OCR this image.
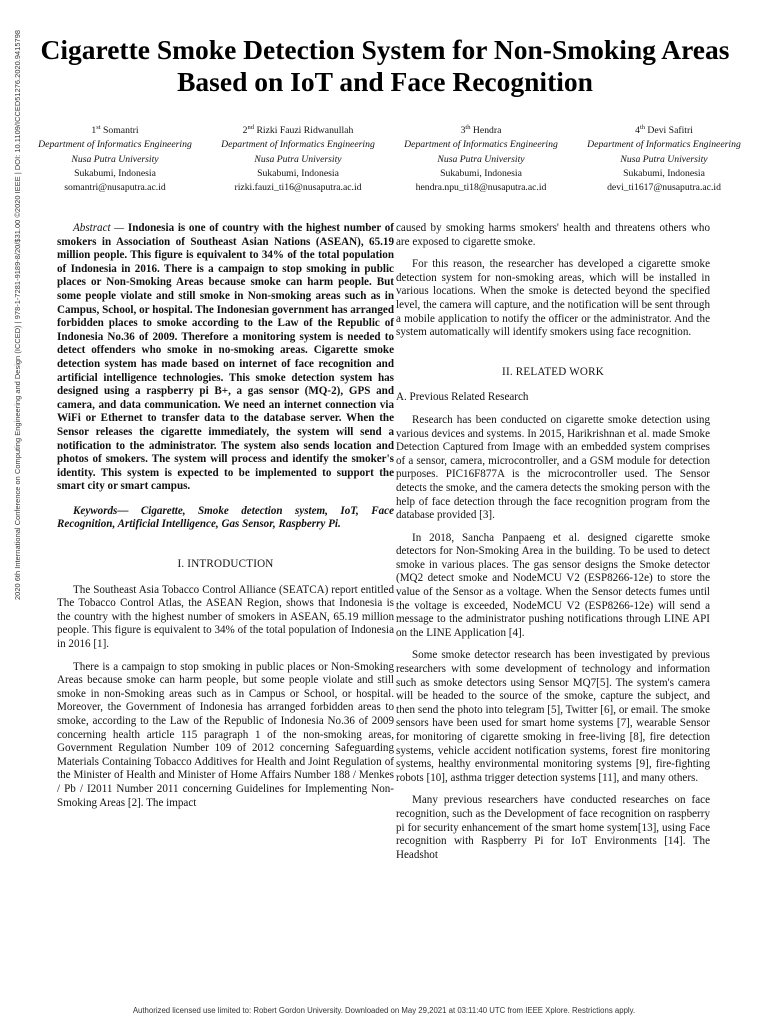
2020 6th International Conference on Computing Engineering and Design (ICCED) | 978-1-7281-9189-8/20/$31.00 ©2020 IEEE | DOI: 10.1109/ICCED51276.2020.9415798 Cigarette Smoke Detection System for Non-Smoking Areas Based on IoT and Face Recognition
1st Somantri
Department of Informatics Engineering
Nusa Putra University
Sukabumi, Indonesia
somantri@nusaputra.ac.id
2nd Rizki Fauzi Ridwanullah
Department of Informatics Engineering
Nusa Putra University
Sukabumi, Indonesia
rizki.fauzi_ti16@nusaputra.ac.id
3th Hendra
Department of Informatics Engineering
Nusa Putra University
Sukabumi, Indonesia
hendra.npu_ti18@nusaputra.ac.id
4th Devi Safitri
Department of Informatics Engineering
Nusa Putra University
Sukabumi, Indonesia
devi_ti1617@nusaputra.ac.id

Abstract — Indonesia is one of country with the highest number of smokers in Association of Southeast Asian Nations (ASEAN), 65.19 million people. This figure is equivalent to 34% of the total population of Indonesia in 2016. There is a campaign to stop smoking in public places or Non-Smoking Areas because smoke can harm people. But some people violate and still smoke in Non-smoking areas such as in Campus, School, or hospital. The Indonesian government has arranged forbidden places to smoke according to the Law of the Republic of Indonesia No.36 of 2009. Therefore a monitoring system is needed to detect offenders who smoke in no-smoking areas. Cigarette smoke detection system has made based on internet of face recognition and artificial intelligence technologies. This smoke detection system has designed using a raspberry pi B+, a gas sensor (MQ-2), GPS and camera, and data communication. We need an internet connection via WiFi or Ethernet to transfer data to the database server. When the Sensor releases the cigarette immediately, the system will send a notification to the administrator. The system also sends location and photos of smokers. The system will process and identify the smoker's identity. This system is expected to be implemented to support the smart city or smart campus.

Keywords— Cigarette, Smoke detection system, IoT, Face Recognition, Artificial Intelligence, Gas Sensor, Raspberry Pi.

I. INTRODUCTION

The Southeast Asia Tobacco Control Alliance (SEATCA) report entitled The Tobacco Control Atlas, the ASEAN Region, shows that Indonesia is the country with the highest number of smokers in ASEAN, 65.19 million people. This figure is equivalent to 34% of the total population of Indonesia in 2016 [1].

There is a campaign to stop smoking in public places or Non-Smoking Areas because smoke can harm people, but some people violate and still smoke in non-Smoking areas such as in Campus or School, or hospital. Moreover, the Government of Indonesia has arranged forbidden areas to smoke, according to the Law of the Republic of Indonesia No.36 of 2009 concerning health article 115 paragraph 1 of the non-smoking areas, Government Regulation Number 109 of 2012 concerning Safeguarding Materials Containing Tobacco Additives for Health and Joint Regulation of the Minister of Health and Minister of Home Affairs Number 188 / Menkes / Pb / I2011 Number 2011 concerning Guidelines for Implementing Non-Smoking Areas [2]. The impact

caused by smoking harms smokers' health and threatens others who are exposed to cigarette smoke.

For this reason, the researcher has developed a cigarette smoke detection system for non-smoking areas, which will be installed in various locations. When the smoke is detected beyond the specified level, the camera will capture, and the notification will be sent through a mobile application to notify the officer or the administrator. And the system automatically will identify smokers using face recognition.

II. RELATED WORK

A. Previous Related Research

Research has been conducted on cigarette smoke detection using various devices and systems. In 2015, Harikrishnan et al. made Smoke Detection Captured from Image with an embedded system comprises of a sensor, camera, microcontroller, and a GSM module for detection purposes. PIC16F877A is the microcontroller used. The Sensor detects the smoke, and the camera detects the smoking person with the help of face detection through the face recognition program from the database provided [3].

In 2018, Sancha Panpaeng et al. designed cigarette smoke detectors for Non-Smoking Area in the building. To be used to detect smoke in various places. The gas sensor designs the Smoke detector (MQ2 detect smoke and NodeMCU V2 (ESP8266-12e) to store the value of the Sensor as a voltage. When the Sensor detects fumes until the voltage is exceeded, NodeMCU V2 (ESP8266-12e) will send a message to the administrator pushing notifications through LINE API on the LINE Application [4].

Some smoke detector research has been investigated by previous researchers with some development of technology and information such as smoke detectors using Sensor MQ7[5]. The system's camera will be headed to the source of the smoke, capture the subject, and then send the photo into telegram [5], Twitter [6], or email. The smoke sensors have been used for smart home systems [7], wearable Sensor for monitoring of cigarette smoking in free-living [8], fire detection systems, vehicle accident notification systems, forest fire monitoring systems, healthy environmental monitoring systems [9], fire-fighting robots [10], asthma trigger detection systems [11], and many others.

Many previous researchers have conducted researches on face recognition, such as the Development of face recognition on raspberry pi for security enhancement of the smart home system[13], using Face recognition with Raspberry Pi for IoT Environments [14]. The Headshot

Authorized licensed use limited to: Robert Gordon University. Downloaded on May 29,2021 at 03:11:40 UTC from IEEE Xplore. Restrictions apply.
